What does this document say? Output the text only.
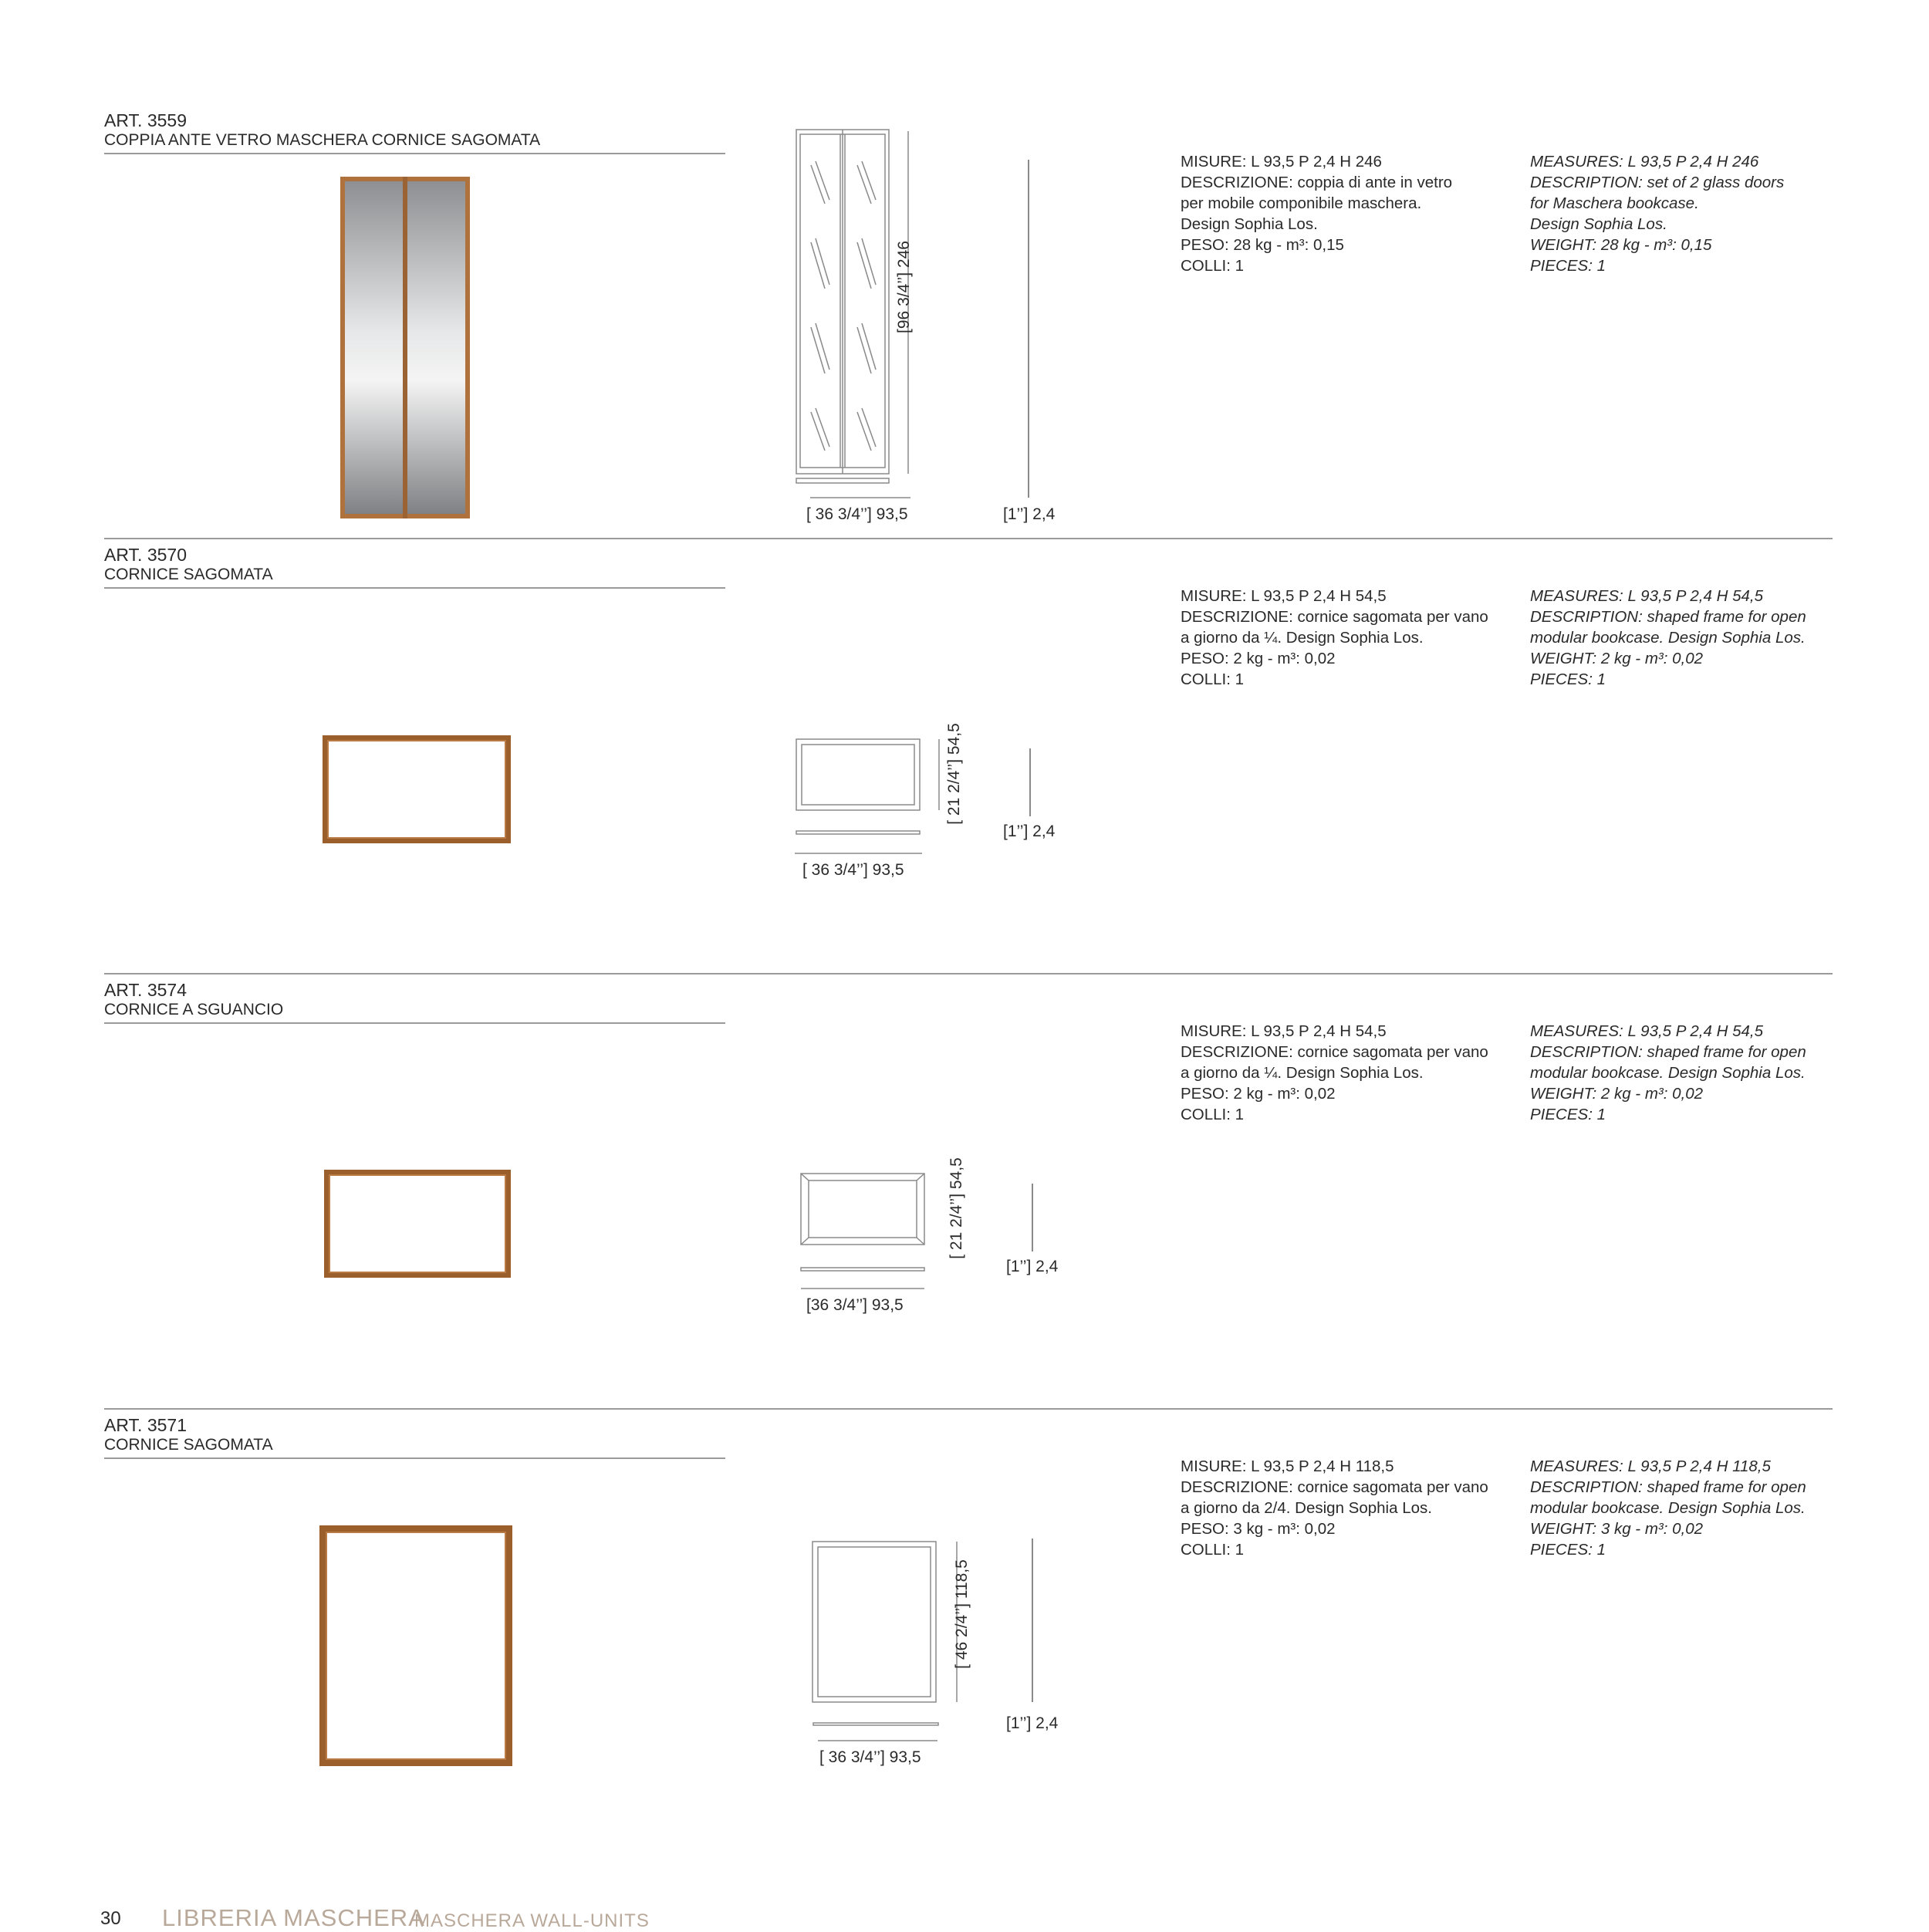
ART. 3559
COPPIA ANTE VETRO MASCHERA CORNICE SAGOMATA
[ 36 3/4’’] 93,5
[96 3/4’’] 246
[1’’] 2,4
MISURE: L 93,5 P 2,4 H 246
DESCRIZIONE: coppia di ante in vetro
per mobile componibile maschera.
Design Sophia Los.
PESO: 28 kg - m³: 0,15
COLLI: 1
MEASURES: L 93,5 P 2,4 H 246
DESCRIPTION: set of 2 glass doors
for Maschera bookcase.
Design Sophia Los.
WEIGHT: 28 kg - m³: 0,15
PIECES: 1
ART. 3570
CORNICE SAGOMATA
[ 36 3/4’’] 93,5
[ 21 2/4’’] 54,5
[1’’] 2,4
MISURE: L 93,5 P 2,4 H 54,5
DESCRIZIONE: cornice sagomata per vano
a giorno da ¼. Design Sophia Los.
PESO: 2 kg - m³: 0,02
COLLI: 1
MEASURES: L 93,5 P 2,4 H 54,5
DESCRIPTION: shaped frame for open
modular bookcase. Design Sophia Los.
WEIGHT: 2 kg - m³: 0,02
PIECES: 1
ART. 3574
CORNICE A SGUANCIO
[36 3/4’’] 93,5
[ 21 2/4’’] 54,5
[1’’] 2,4
MISURE: L 93,5 P 2,4 H 54,5
DESCRIZIONE: cornice sagomata per vano
a giorno da ¼. Design Sophia Los.
PESO: 2 kg - m³: 0,02
COLLI: 1
MEASURES: L 93,5 P 2,4 H 54,5
DESCRIPTION: shaped frame for open
modular bookcase. Design Sophia Los.
WEIGHT: 2 kg - m³: 0,02
PIECES: 1
ART. 3571
CORNICE SAGOMATA
[ 36 3/4’’] 93,5
[ 46 2/4’’] 118,5
[1’’] 2,4
MISURE: L 93,5 P 2,4 H 118,5
DESCRIZIONE: cornice sagomata per vano
a giorno da 2/4. Design Sophia Los.
PESO: 3 kg - m³: 0,02
COLLI: 1
MEASURES: L 93,5 P 2,4 H 118,5
DESCRIPTION: shaped frame for open
modular bookcase. Design Sophia Los.
WEIGHT: 3 kg - m³: 0,02
PIECES: 1
30 LIBRERIA MASCHERA
MASCHERA WALL-UNITS
